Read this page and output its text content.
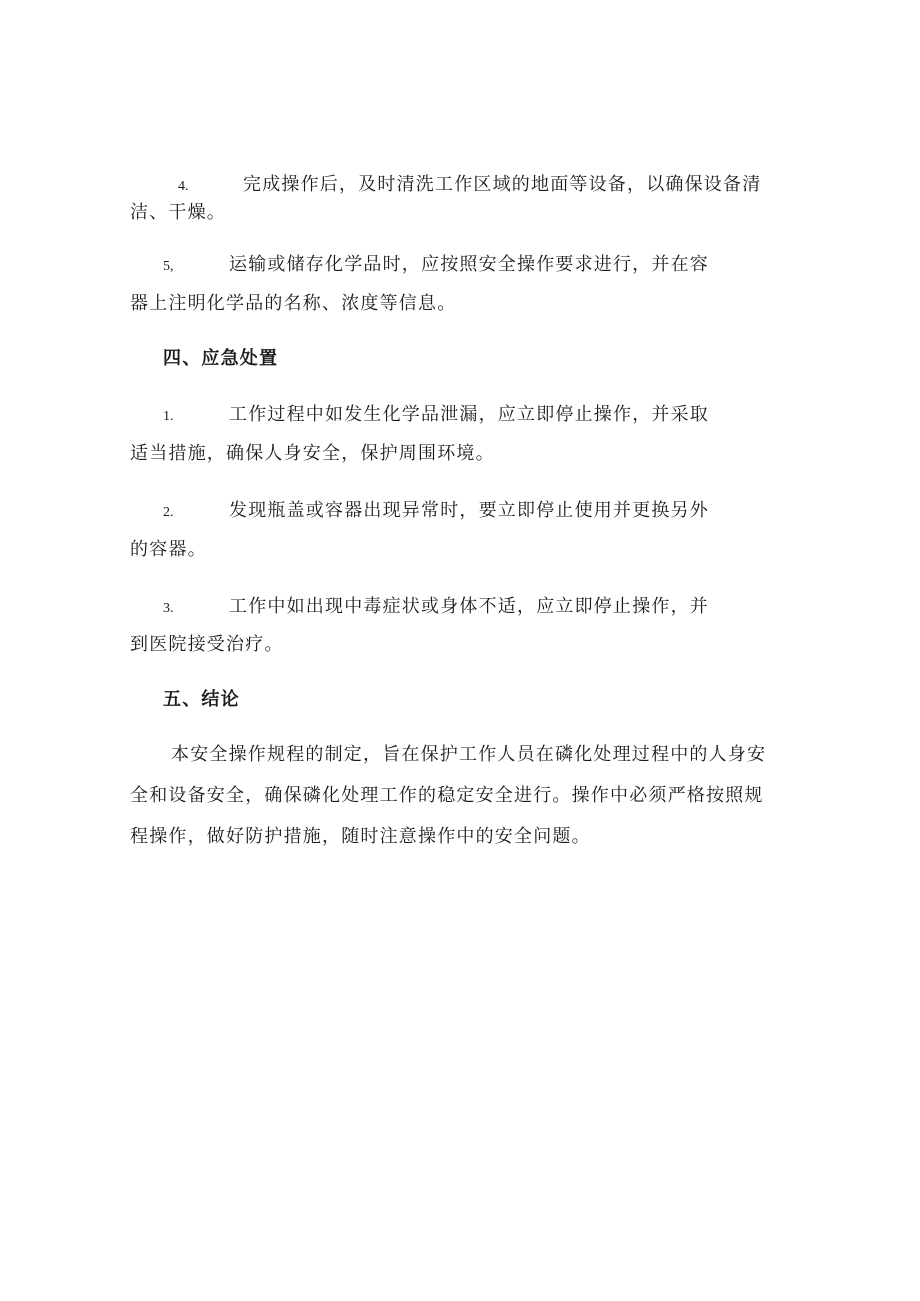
4.	完成操作后，及时清洗工作区域的地面等设备，以确保设备清
洁、干燥。
5,	运输或储存化学品时，应按照安全操作要求进行，并在容
器上注明化学品的名称、浓度等信息。
四、应急处置
1.	工作过程中如发生化学品泄漏，应立即停止操作，并采取
适当措施，确保人身安全，保护周围环境。
2.	发现瓶盖或容器出现异常时，要立即停止使用并更换另外
的容器。
3.	工作中如出现中毒症状或身体不适，应立即停止操作，并
到医院接受治疗。
五、结论
本安全操作规程的制定，旨在保护工作人员在磷化处理过程中的人身安
全和设备安全，确保磷化处理工作的稳定安全进行。操作中必须严格按照规
程操作，做好防护措施，随时注意操作中的安全问题。
